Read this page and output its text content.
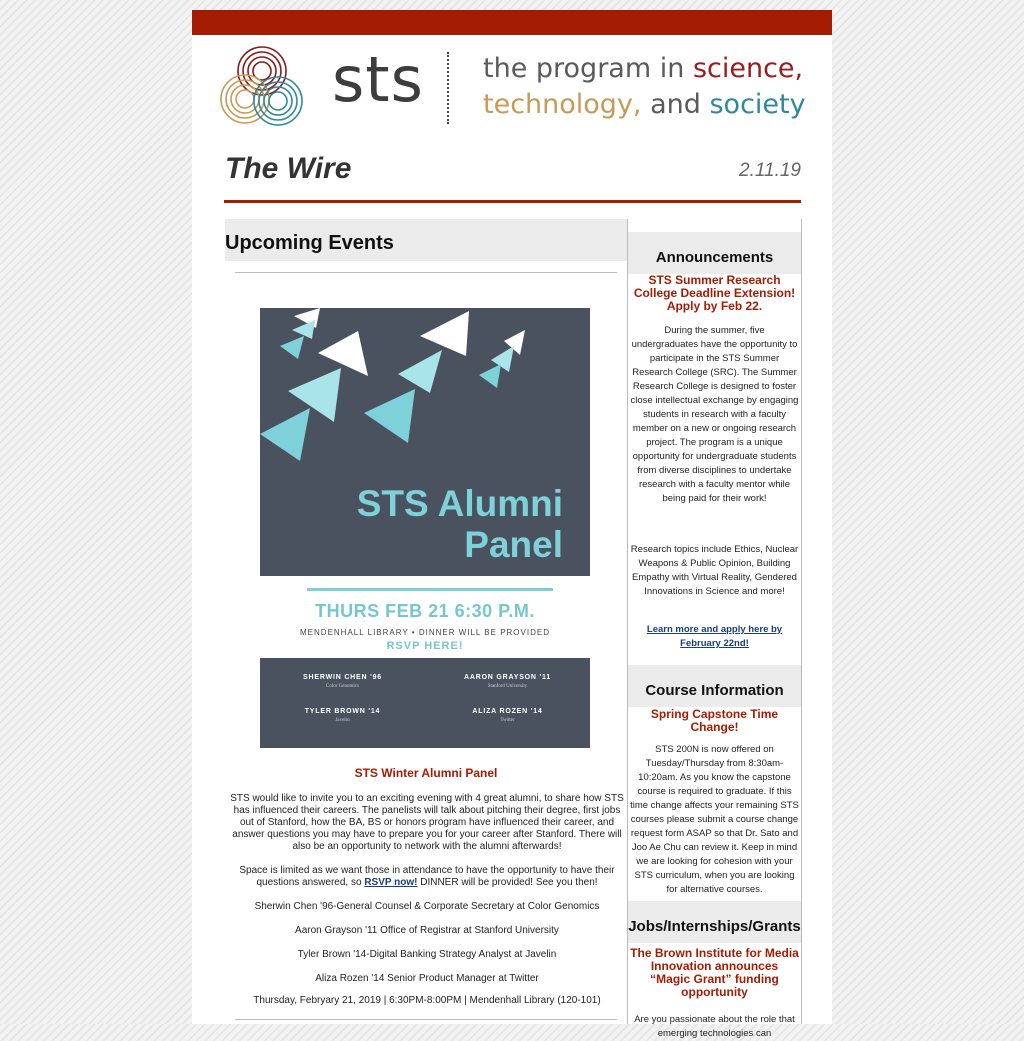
sts the program in science,
technology, and society
The Wire	2.11.19
Upcoming Events
STS Alumni
Panel
THURS FEB 21 6:30 P.M.
MENDENHALL LIBRARY • DINNER WILL BE PROVIDED
RSVP HERE!
SHERWIN CHEN '96
Color Genomics
AARON GRAYSON '11
Stanford University
TYLER BROWN '14
Javelin
ALIZA ROZEN '14
Twitter
STS Winter Alumni Panel

STS would like to invite you to an exciting evening with 4 great alumni, to share how STS has influenced their careers. The panelists will talk about pitching their degree, first jobs out of Stanford, how the BA, BS or honors program have influenced their career, and answer questions you may have to prepare you for your career after Stanford. There will also be an opportunity to network with the alumni afterwards!

Space is limited as we want those in attendance to have the opportunity to have their questions answered, so RSVP now! DINNER will be provided! See you then!

Sherwin Chen '96-General Counsel & Corporate Secretary at Color Genomics

Aaron Grayson '11 Office of Registrar at Stanford University

Tyler Brown '14-Digital Banking Strategy Analyst at Javelin

Aliza Rozen '14 Senior Product Manager at Twitter

Thursday, Febryary 21, 2019 | 6:30PM-8:00PM | Mendenhall Library (120-101)

Announcements
STS Summer Research College Deadline Extension! Apply by Feb 22.

During the summer, five undergraduates have the opportunity to participate in the STS Summer Research College (SRC). The Summer Research College is designed to foster close intellectual exchange by engaging students in research with a faculty member on a new or ongoing research project. The program is a unique opportunity for undergraduate students from diverse disciplines to undertake research with a faculty mentor while being paid for their work!

Research topics include Ethics, Nuclear Weapons & Public Opinion, Building Empathy with Virtual Reality, Gendered Innovations in Science and more!

Learn more and apply here by February 22nd!
Course Information
Spring Capstone Time Change!

STS 200N is now offered on Tuesday/Thursday from 8:30am-10:20am. As you know the capstone course is required to graduate. If this time change affects your remaining STS courses please submit a course change request form ASAP so that Dr. Sato and Joo Ae Chu can review it. Keep in mind we are looking for cohesion with your STS curriculum, when you are looking for alternative courses.

Jobs/Internships/Grants
The Brown Institute for Media Innovation announces “Magic Grant” funding opportunity

Are you passionate about the role that emerging technologies can
